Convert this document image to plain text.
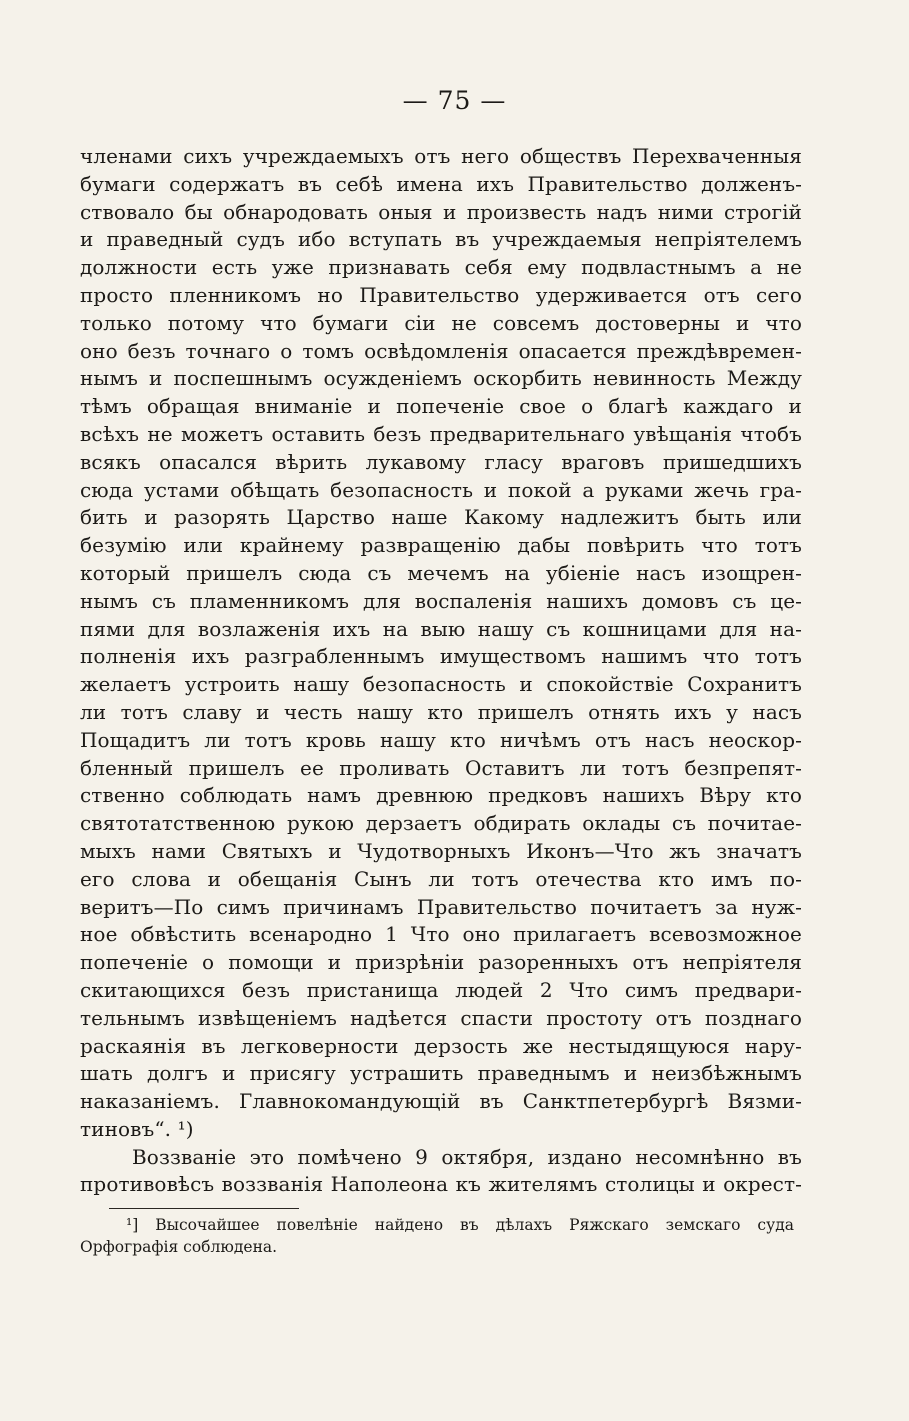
— 75 —
членами сихъ учреждаемыхъ отъ него обществъ Перехваченныя
бумаги содержатъ въ себѣ имена ихъ Правительство долженъ-
ствовало бы обнародовать оныя и произвесть надъ ними строгій
и праведный судъ ибо вступать въ учреждаемыя непріятелемъ
должности есть уже признавать себя ему подвластнымъ а не
просто пленникомъ но Правительство удерживается отъ сего
только потому что бумаги сіи не совсемъ достоверны и что
оно безъ точнаго о томъ освѣдомленія опасается преждѣвремен-
нымъ и поспешнымъ осужденіемъ оскорбить невинность Между
тѣмъ обращая вниманіе и попеченіе свое о благѣ каждаго и
всѣхъ не можетъ оставить безъ предварительнаго увѣщанія чтобъ
всякъ опасался вѣрить лукавому гласу враговъ пришедшихъ
сюда устами обѣщать безопасность и покой а руками жечь гра-
бить и разорять Царство наше Какому надлежитъ быть или
безумію или крайнему развращенію дабы повѣрить что тотъ
который пришелъ сюда съ мечемъ на убіеніе насъ изощрен-
нымъ съ пламенникомъ для воспаленія нашихъ домовъ съ це-
пями для возлаженія ихъ на выю нашу съ кошницами для на-
полненія ихъ разграбленнымъ имуществомъ нашимъ что тотъ
желаетъ устроить нашу безопасность и спокойствіе Сохранитъ
ли тотъ славу и честь нашу кто пришелъ отнять ихъ у насъ
Пощадитъ ли тотъ кровь нашу кто ничѣмъ отъ насъ неоскор-
бленный пришелъ ее проливать Оставитъ ли тотъ безпрепят-
ственно соблюдать намъ древнюю предковъ нашихъ Вѣру кто
святотатственною рукою дерзаетъ обдирать оклады съ почитае-
мыхъ нами Святыхъ и Чудотворныхъ Иконъ—Что жъ значатъ
его слова и обещанія Сынъ ли тотъ отечества кто имъ по-
веритъ—По симъ причинамъ Правительство почитаетъ за нуж-
ное обвѣстить всенародно 1 Что оно прилагаетъ всевозможное
попеченіе о помощи и призрѣніи разоренныхъ отъ непріятеля
скитающихся безъ пристанища людей 2 Что симъ предвари-
тельнымъ извѣщеніемъ надѣется спасти простоту отъ позднаго
раскаянія въ легковерности дерзость же нестыдящуюся нару-
шать долгъ и присягу устрашить праведнымъ и неизбѣжнымъ
наказаніемъ. Главнокомандующій въ Санктпетербургѣ Вязми-
тиновъ“. ¹)
Воззваніе это помѣчено 9 октября, издано несомнѣнно въ
противовѣсъ воззванія Наполеона къ жителямъ столицы и окрест-
¹] Высочайшее повелѣніе найдено въ дѣлахъ Ряжскаго земскаго суда
Орфографія соблюдена.
